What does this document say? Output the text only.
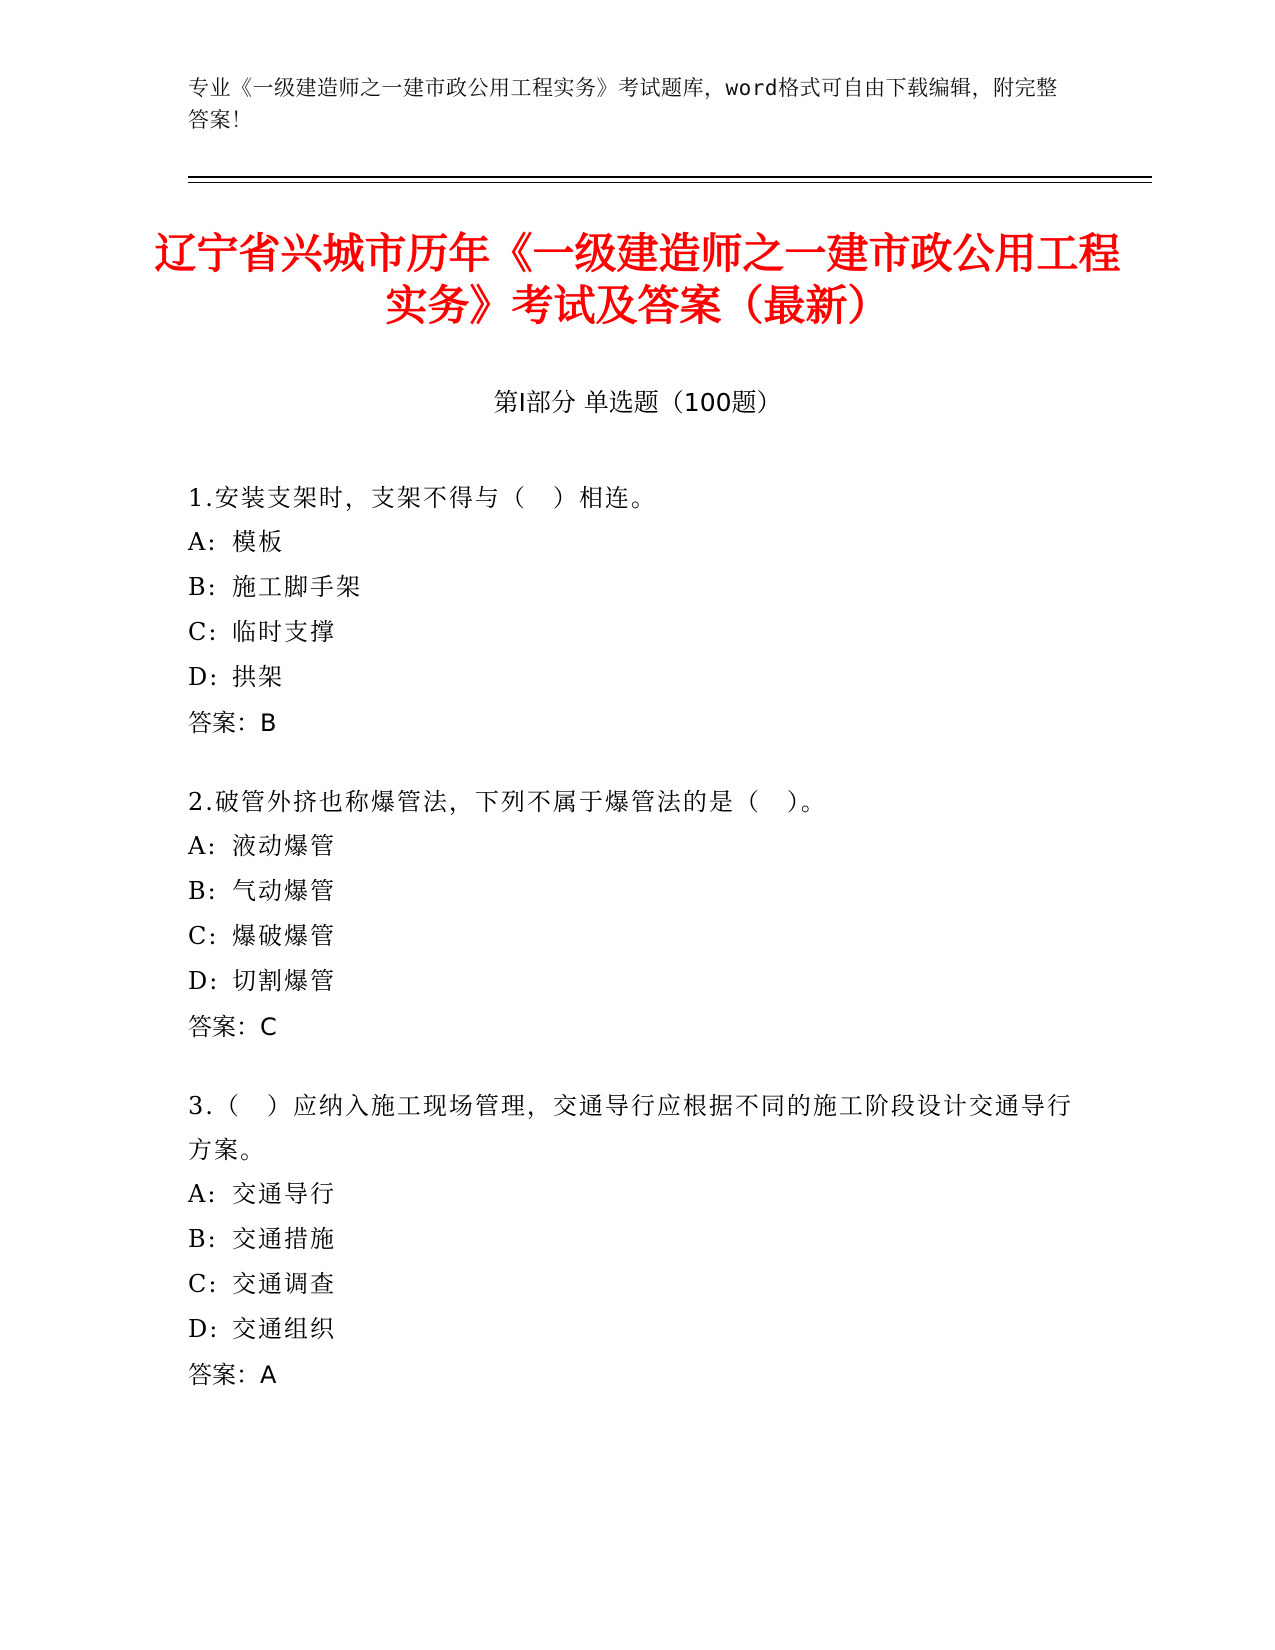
专业《一级建造师之一建市政公用工程实务》考试题库，word格式可自由下载编辑，附完整答案！
辽宁省兴城市历年《一级建造师之一建市政公用工程实务》考试及答案（最新）
第Ⅰ部分 单选题（100题）

1.安装支架时，支架不得与（　）相连。

A: 模板

B: 施工脚手架

C: 临时支撑

D: 拱架

答案：B

2.破管外挤也称爆管法，下列不属于爆管法的是（　）。

A: 液动爆管

B: 气动爆管

C: 爆破爆管

D: 切割爆管

答案：C

3.（　）应纳入施工现场管理，交通导行应根据不同的施工阶段设计交通导行方案。

A: 交通导行

B: 交通措施

C: 交通调查

D: 交通组织

答案：A
